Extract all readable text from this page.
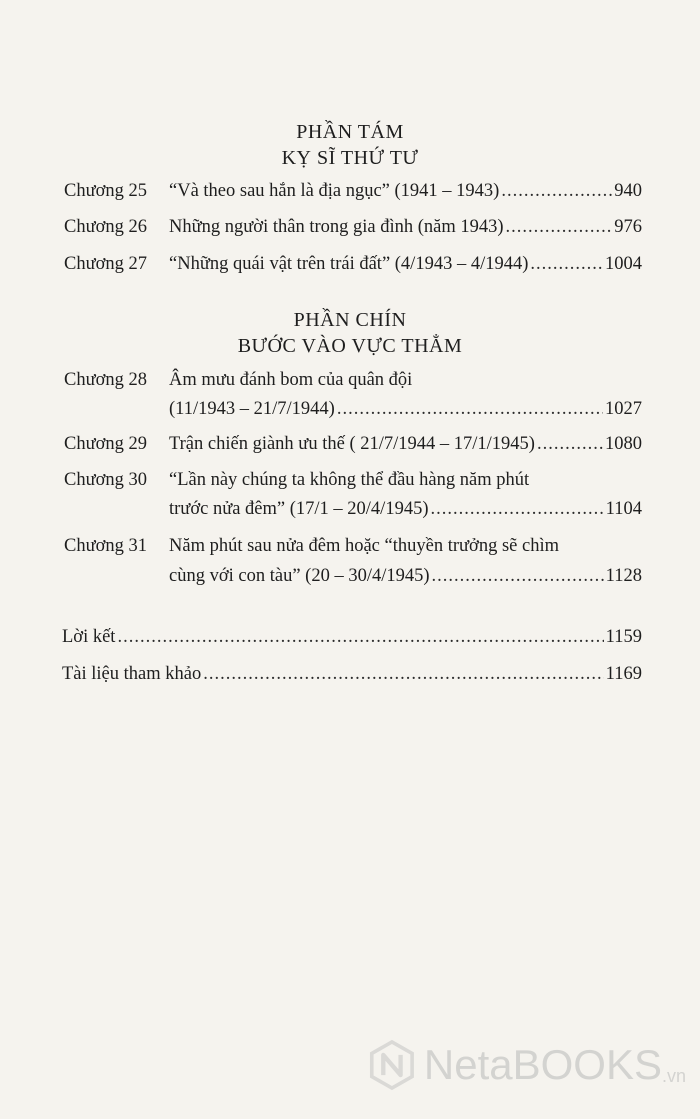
PHẦN TÁM
KỴ SĨ THỨ TƯ
Chương 25 “Và theo sau hắn là địa ngục” (1941 – 1943) .....	940
Chương 26 Những người thân trong gia đình (năm 1943) .....	976
Chương 27 “Những quái vật trên trái đất” (4/1943 – 4/1944) .....	1004
PHẦN CHÍN
BƯỚC VÀO VỰC THẲM
Chương 28 Âm mưu đánh bom của quân đội
(11/1943 – 21/7/1944) .....	1027
Chương 29 Trận chiến giành ưu thế ( 21/7/1944 – 17/1/1945) .....	1080
Chương 30 “Lần này chúng ta không thể đầu hàng năm phút
trước nửa đêm” (17/1 – 20/4/1945) .....	1104
Chương 31 Năm phút sau nửa đêm hoặc “thuyền trưởng sẽ chìm
cùng với con tàu” (20 – 30/4/1945) .....	1128
Lời kết .....	1159
Tài liệu tham khảo .....	1169
NetaBOOKS .vn
